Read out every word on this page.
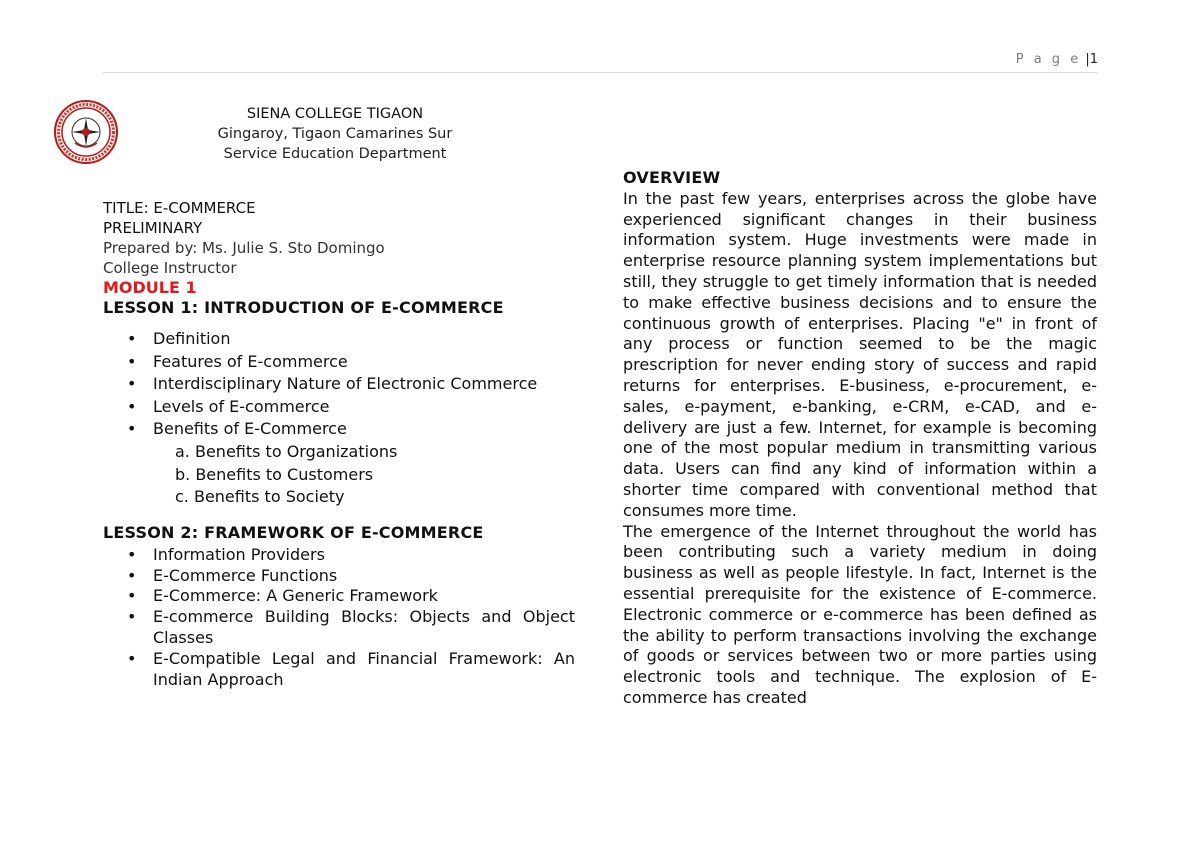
P a g e |1
SIENA COLLEGE TIGAON
Gingaroy, Tigaon Camarines Sur
Service Education Department
TITLE: E-COMMERCE
PRELIMINARY
Prepared by: Ms. Julie S. Sto Domingo
College Instructor
MODULE 1
LESSON 1: INTRODUCTION OF E-COMMERCE
• Definition
• Features of E-commerce
• Interdisciplinary Nature of Electronic Commerce
• Levels of E-commerce
• Benefits of E-Commerce
a. Benefits to Organizations
b. Benefits to Customers
c. Benefits to Society
LESSON 2: FRAMEWORK OF E-COMMERCE
• Information Providers
• E-Commerce Functions
• E-Commerce: A Generic Framework
• E-commerce Building Blocks: Objects and Object Classes
• E-Compatible Legal and Financial Framework: An Indian Approach
OVERVIEW

In the past few years, enterprises across the globe have experienced significant changes in their business information system. Huge investments were made in enterprise resource planning system implementations but still, they struggle to get timely information that is needed to make effective business decisions and to ensure the continuous growth of enterprises. Placing "e" in front of any process or function seemed to be the magic prescription for never ending story of success and rapid returns for enterprises. E-business, e-procurement, e-sales, e-payment, e-banking, e-CRM, e-CAD, and e-delivery are just a few. Internet, for example is becoming one of the most popular medium in transmitting various data. Users can find any kind of information within a shorter time compared with conventional method that consumes more time.

The emergence of the Internet throughout the world has been contributing such a variety medium in doing business as well as people lifestyle. In fact, Internet is the essential prerequisite for the existence of E-commerce. Electronic commerce or e-commerce has been defined as the ability to perform transactions involving the exchange of goods or services between two or more parties using electronic tools and technique. The explosion of E-commerce has created
